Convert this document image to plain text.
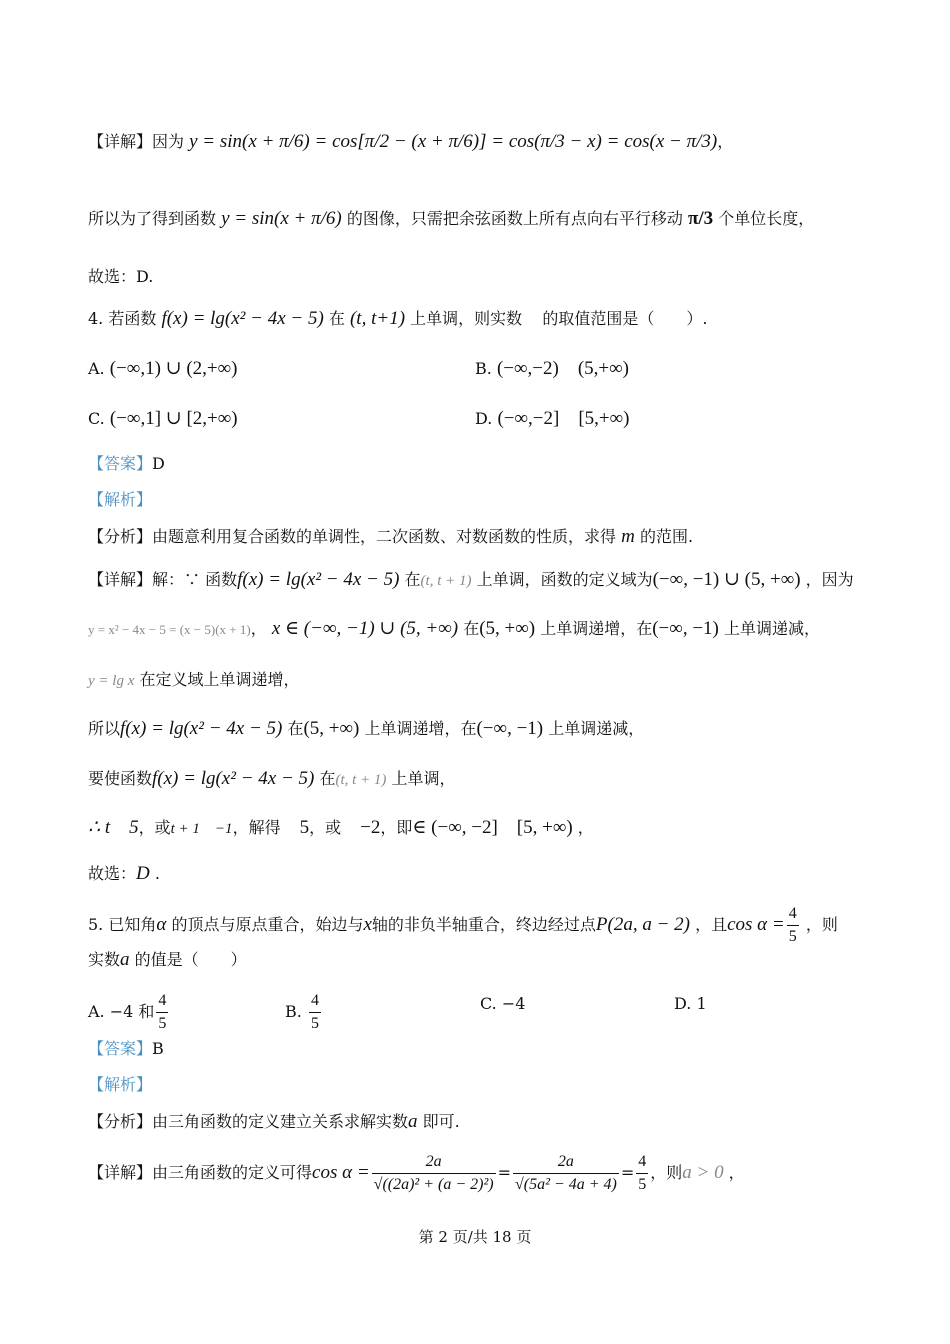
【详解】因为 y = sin(x + π/6) = cos[π/2 − (x + π/6)] = cos(π/3 − x) = cos(x − π/3)，
所以为了得到函数 y = sin(x + π/6) 的图像，只需把余弦函数上所有点向右平行移动 π/3 个单位长度，
故选：D.
4. 若函数 f(x) = lg(x² − 4x − 5) 在 (t, t+1) 上单调，则实数 的取值范围是（　　）.
A. (−∞,1) ∪ (2,+∞)	B. (−∞,−2)　(5,+∞)
C. (−∞,1] ∪ [2,+∞)	D. (−∞,−2]　[5,+∞)
【答案】D
【解析】
【分析】由题意利用复合函数的单调性，二次函数、对数函数的性质，求得 m 的范围.
【详解】解：∵ 函数f(x) = lg(x² − 4x − 5) 在(t, t + 1) 上单调，函数的定义域为(−∞, −1) ∪ (5, +∞) ，因为
y = x² − 4x − 5 = (x − 5)(x + 1)， x ∈ (−∞, −1) ∪ (5, +∞) 在(5, +∞) 上单调递增，在(−∞, −1) 上单调递减，
y = lg x 在定义域上单调递增，
所以f(x) = lg(x² − 4x − 5) 在(5, +∞) 上单调递增，在(−∞, −1) 上单调递减，
要使函数f(x) = lg(x² − 4x − 5) 在(t, t + 1) 上单调，
∴ t　5，或t + 1　−1，解得　5，或　−2，即∈ (−∞, −2]　[5, +∞) ，
故选：D .
5. 已知角α 的顶点与原点重合，始边与x轴的非负半轴重合，终边经过点P(2a, a − 2) ，且$\cos \alpha = \frac{4}{5}$ ，则
实数a 的值是（　　）
A. −4 和 $\frac{4}{5}$	B. $\frac{4}{5}$	C. −4	D. 1
【答案】B
【解析】
【分析】由三角函数的定义建立关系求解实数a 即可.
【详解】由三角函数的定义可得$\cos \alpha = \frac{2a}{\text{√((2a)² + (a − 2)²)}} = \frac{2a}{\text{√(5a² − 4a + 4)}} = \frac{4}{5}$ ，则a > 0 ，
第 2 页/共 18 页
